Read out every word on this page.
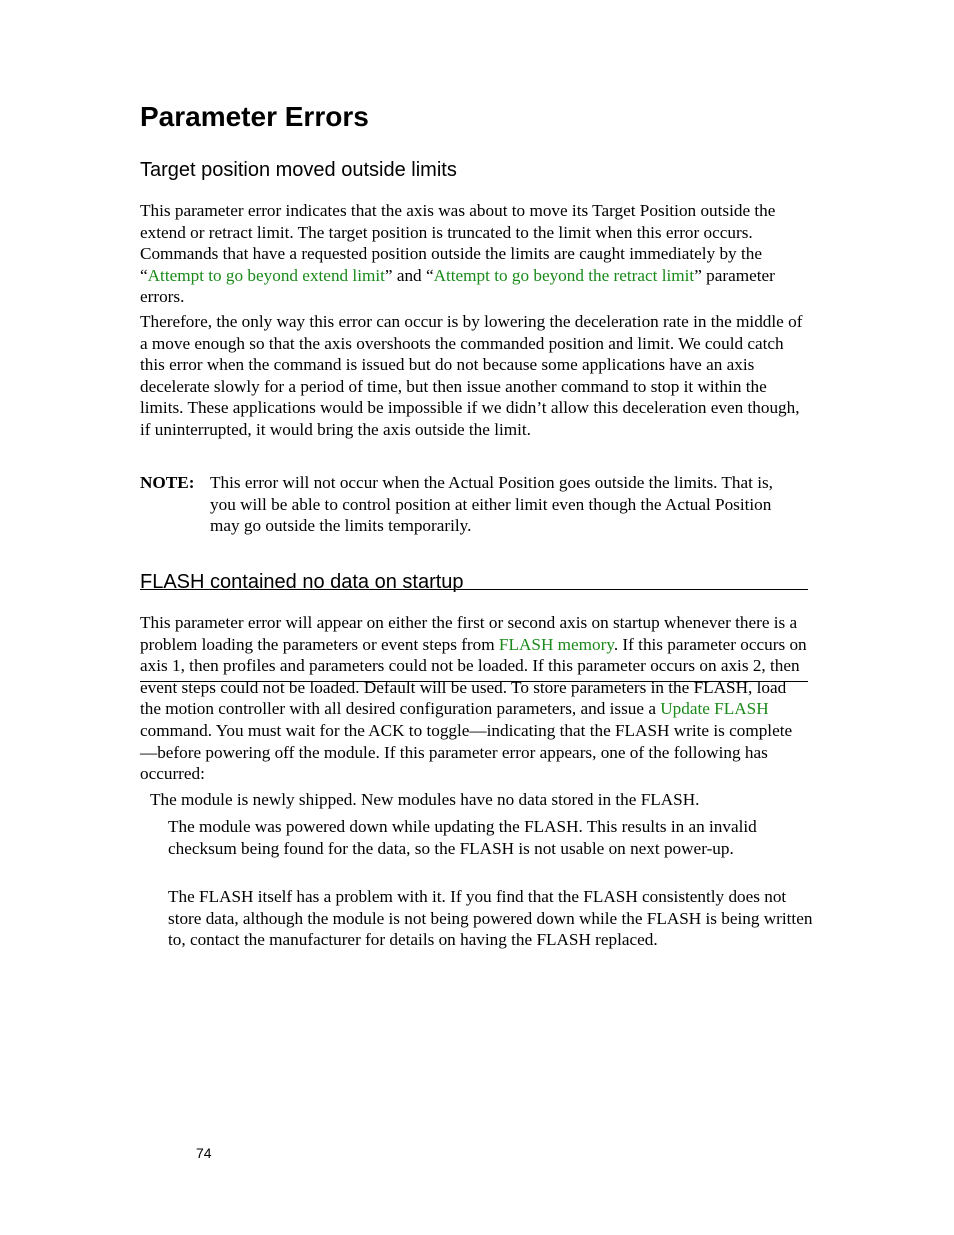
Parameter Errors
Target position moved outside limits

This parameter error indicates that the axis was about to move its Target Position outside the extend or retract limit. The target position is truncated to the limit when this error occurs. Commands that have a requested position outside the limits are caught immediately by the “Attempt to go beyond extend limit” and “Attempt to go beyond the retract limit” parameter errors.

Therefore, the only way this error can occur is by lowering the deceleration rate in the middle of a move enough so that the axis overshoots the commanded position and limit. We could catch this error when the command is issued but do not because some applications have an axis decelerate slowly for a period of time, but then issue another command to stop it within the limits. These applications would be impossible if we didn’t allow this deceleration even though, if uninterrupted, it would bring the axis outside the limit.

NOTE: This error will not occur when the Actual Position goes outside the limits. That is, you will be able to control position at either limit even though the Actual Position may go outside the limits temporarily.

FLASH contained no data on startup

This parameter error will appear on either the first or second axis on startup whenever there is a problem loading the parameters or event steps from FLASH memory. If this parameter occurs on axis 1, then profiles and parameters could not be loaded. If this parameter occurs on axis 2, then event steps could not be loaded. Default will be used. To store parameters in the FLASH, load the motion controller with all desired configuration parameters, and issue a Update FLASH command. You must wait for the ACK to toggle—indicating that the FLASH write is complete—before powering off the module. If this parameter error appears, one of the following has occurred:

The module is newly shipped. New modules have no data stored in the FLASH.

The module was powered down while updating the FLASH. This results in an invalid checksum being found for the data, so the FLASH is not usable on next power-up.

The FLASH itself has a problem with it. If you find that the FLASH consistently does not store data, although the module is not being powered down while the FLASH is being written to, contact the manufacturer for details on having the FLASH replaced.

74
